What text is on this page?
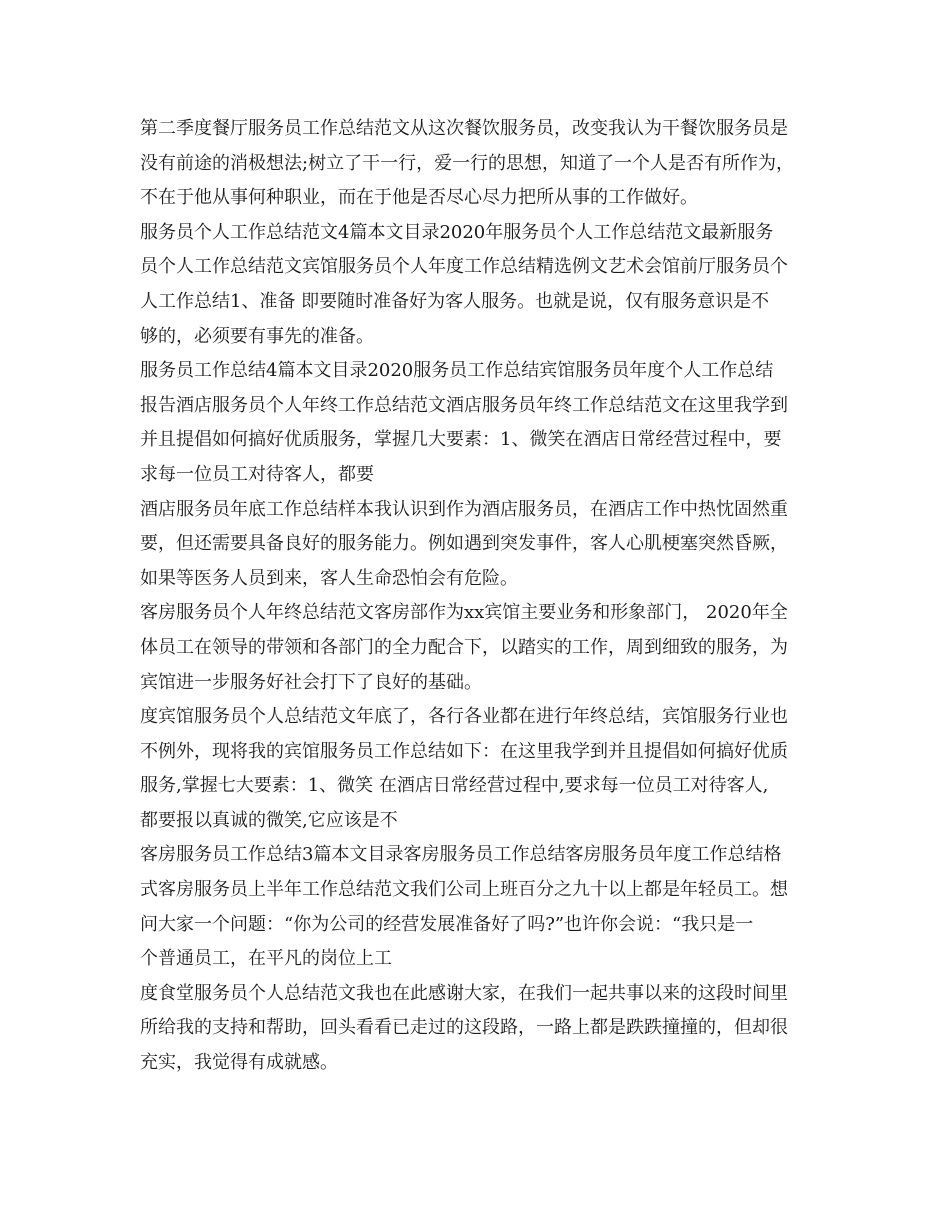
第二季度餐厅服务员工作总结范文从这次餐饮服务员，改变我认为干餐饮服务员是
没有前途的消极想法;树立了干一行，爱一行的思想，知道了一个人是否有所作为，
不在于他从事何种职业，而在于他是否尽心尽力把所从事的工作做好。
服务员个人工作总结范文4篇本文目录2020年服务员个人工作总结范文最新服务
员个人工作总结范文宾馆服务员个人年度工作总结精选例文艺术会馆前厅服务员个
人工作总结1、准备 即要随时准备好为客人服务。也就是说，仅有服务意识是不
够的，必须要有事先的准备。
服务员工作总结4篇本文目录2020服务员工作总结宾馆服务员年度个人工作总结
报告酒店服务员个人年终工作总结范文酒店服务员年终工作总结范文在这里我学到
并且提倡如何搞好优质服务，掌握几大要素：1、微笑在酒店日常经营过程中，要
求每一位员工对待客人，都要
酒店服务员年底工作总结样本我认识到作为酒店服务员，在酒店工作中热忱固然重
要，但还需要具备良好的服务能力。例如遇到突发事件，客人心肌梗塞突然昏厥，
如果等医务人员到来，客人生命恐怕会有危险。
客房服务员个人年终总结范文客房部作为xx宾馆主要业务和形象部门， 2020年全
体员工在领导的带领和各部门的全力配合下，以踏实的工作，周到细致的服务，为
宾馆进一步服务好社会打下了良好的基础。
度宾馆服务员个人总结范文年底了，各行各业都在进行年终总结，宾馆服务行业也
不例外，现将我的宾馆服务员工作总结如下：在这里我学到并且提倡如何搞好优质
服务,掌握七大要素：1、微笑 在酒店日常经营过程中,要求每一位员工对待客人,
都要报以真诚的微笑,它应该是不
客房服务员工作总结3篇本文目录客房服务员工作总结客房服务员年度工作总结格
式客房服务员上半年工作总结范文我们公司上班百分之九十以上都是年轻员工。想
问大家一个问题：“你为公司的经营发展准备好了吗?”也许你会说：“我只是一
个普通员工，在平凡的岗位上工
度食堂服务员个人总结范文我也在此感谢大家，在我们一起共事以来的这段时间里
所给我的支持和帮助，回头看看已走过的这段路，一路上都是跌跌撞撞的，但却很
充实，我觉得有成就感。
